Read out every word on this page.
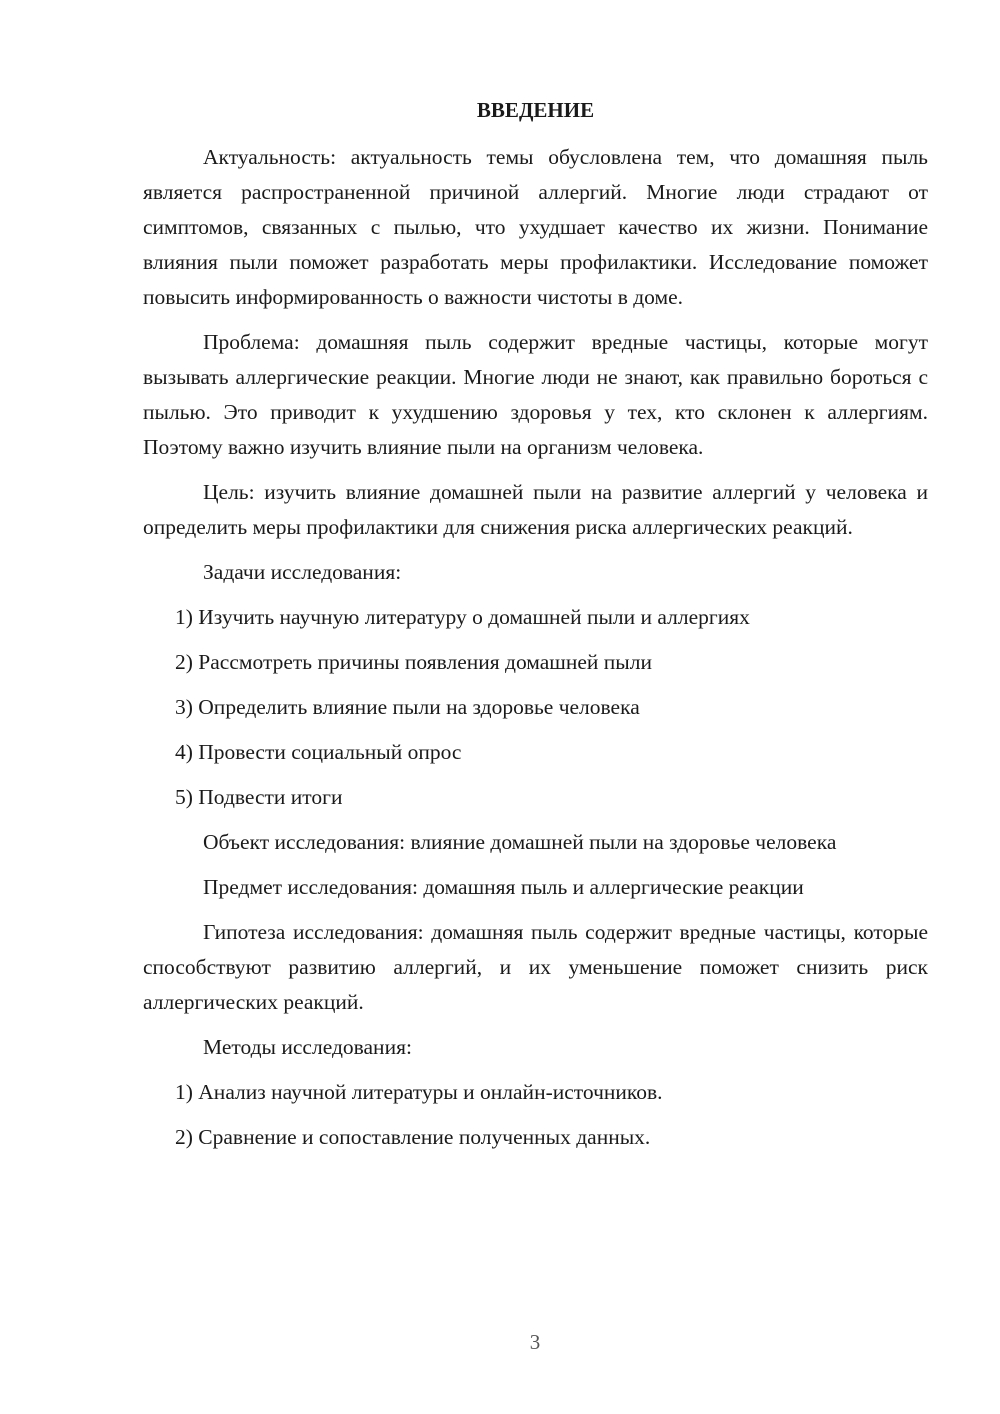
ВВЕДЕНИЕ

Актуальность: актуальность темы обусловлена тем, что домашняя пыль является распространенной причиной аллергий. Многие люди страдают от симптомов, связанных с пылью, что ухудшает качество их жизни. Понимание влияния пыли поможет разработать меры профилактики. Исследование поможет повысить информированность о важности чистоты в доме.

Проблема: домашняя пыль содержит вредные частицы, которые могут вызывать аллергические реакции. Многие люди не знают, как правильно бороться с пылью. Это приводит к ухудшению здоровья у тех, кто склонен к аллергиям. Поэтому важно изучить влияние пыли на организм человека.

Цель: изучить влияние домашней пыли на развитие аллергий у человека и определить меры профилактики для снижения риска аллергических реакций.

Задачи исследования:

1) Изучить научную литературу о домашней пыли и аллергиях
2) Рассмотреть причины появления домашней пыли
3) Определить влияние пыли на здоровье человека
4) Провести социальный опрос
5) Подвести итоги

Объект исследования: влияние домашней пыли на здоровье человека

Предмет исследования: домашняя пыль и аллергические реакции

Гипотеза исследования: домашняя пыль содержит вредные частицы, которые способствуют развитию аллергий, и их уменьшение поможет снизить риск аллергических реакций.

Методы исследования:

1) Анализ научной литературы и онлайн-источников.
2) Сравнение и сопоставление полученных данных.
3
